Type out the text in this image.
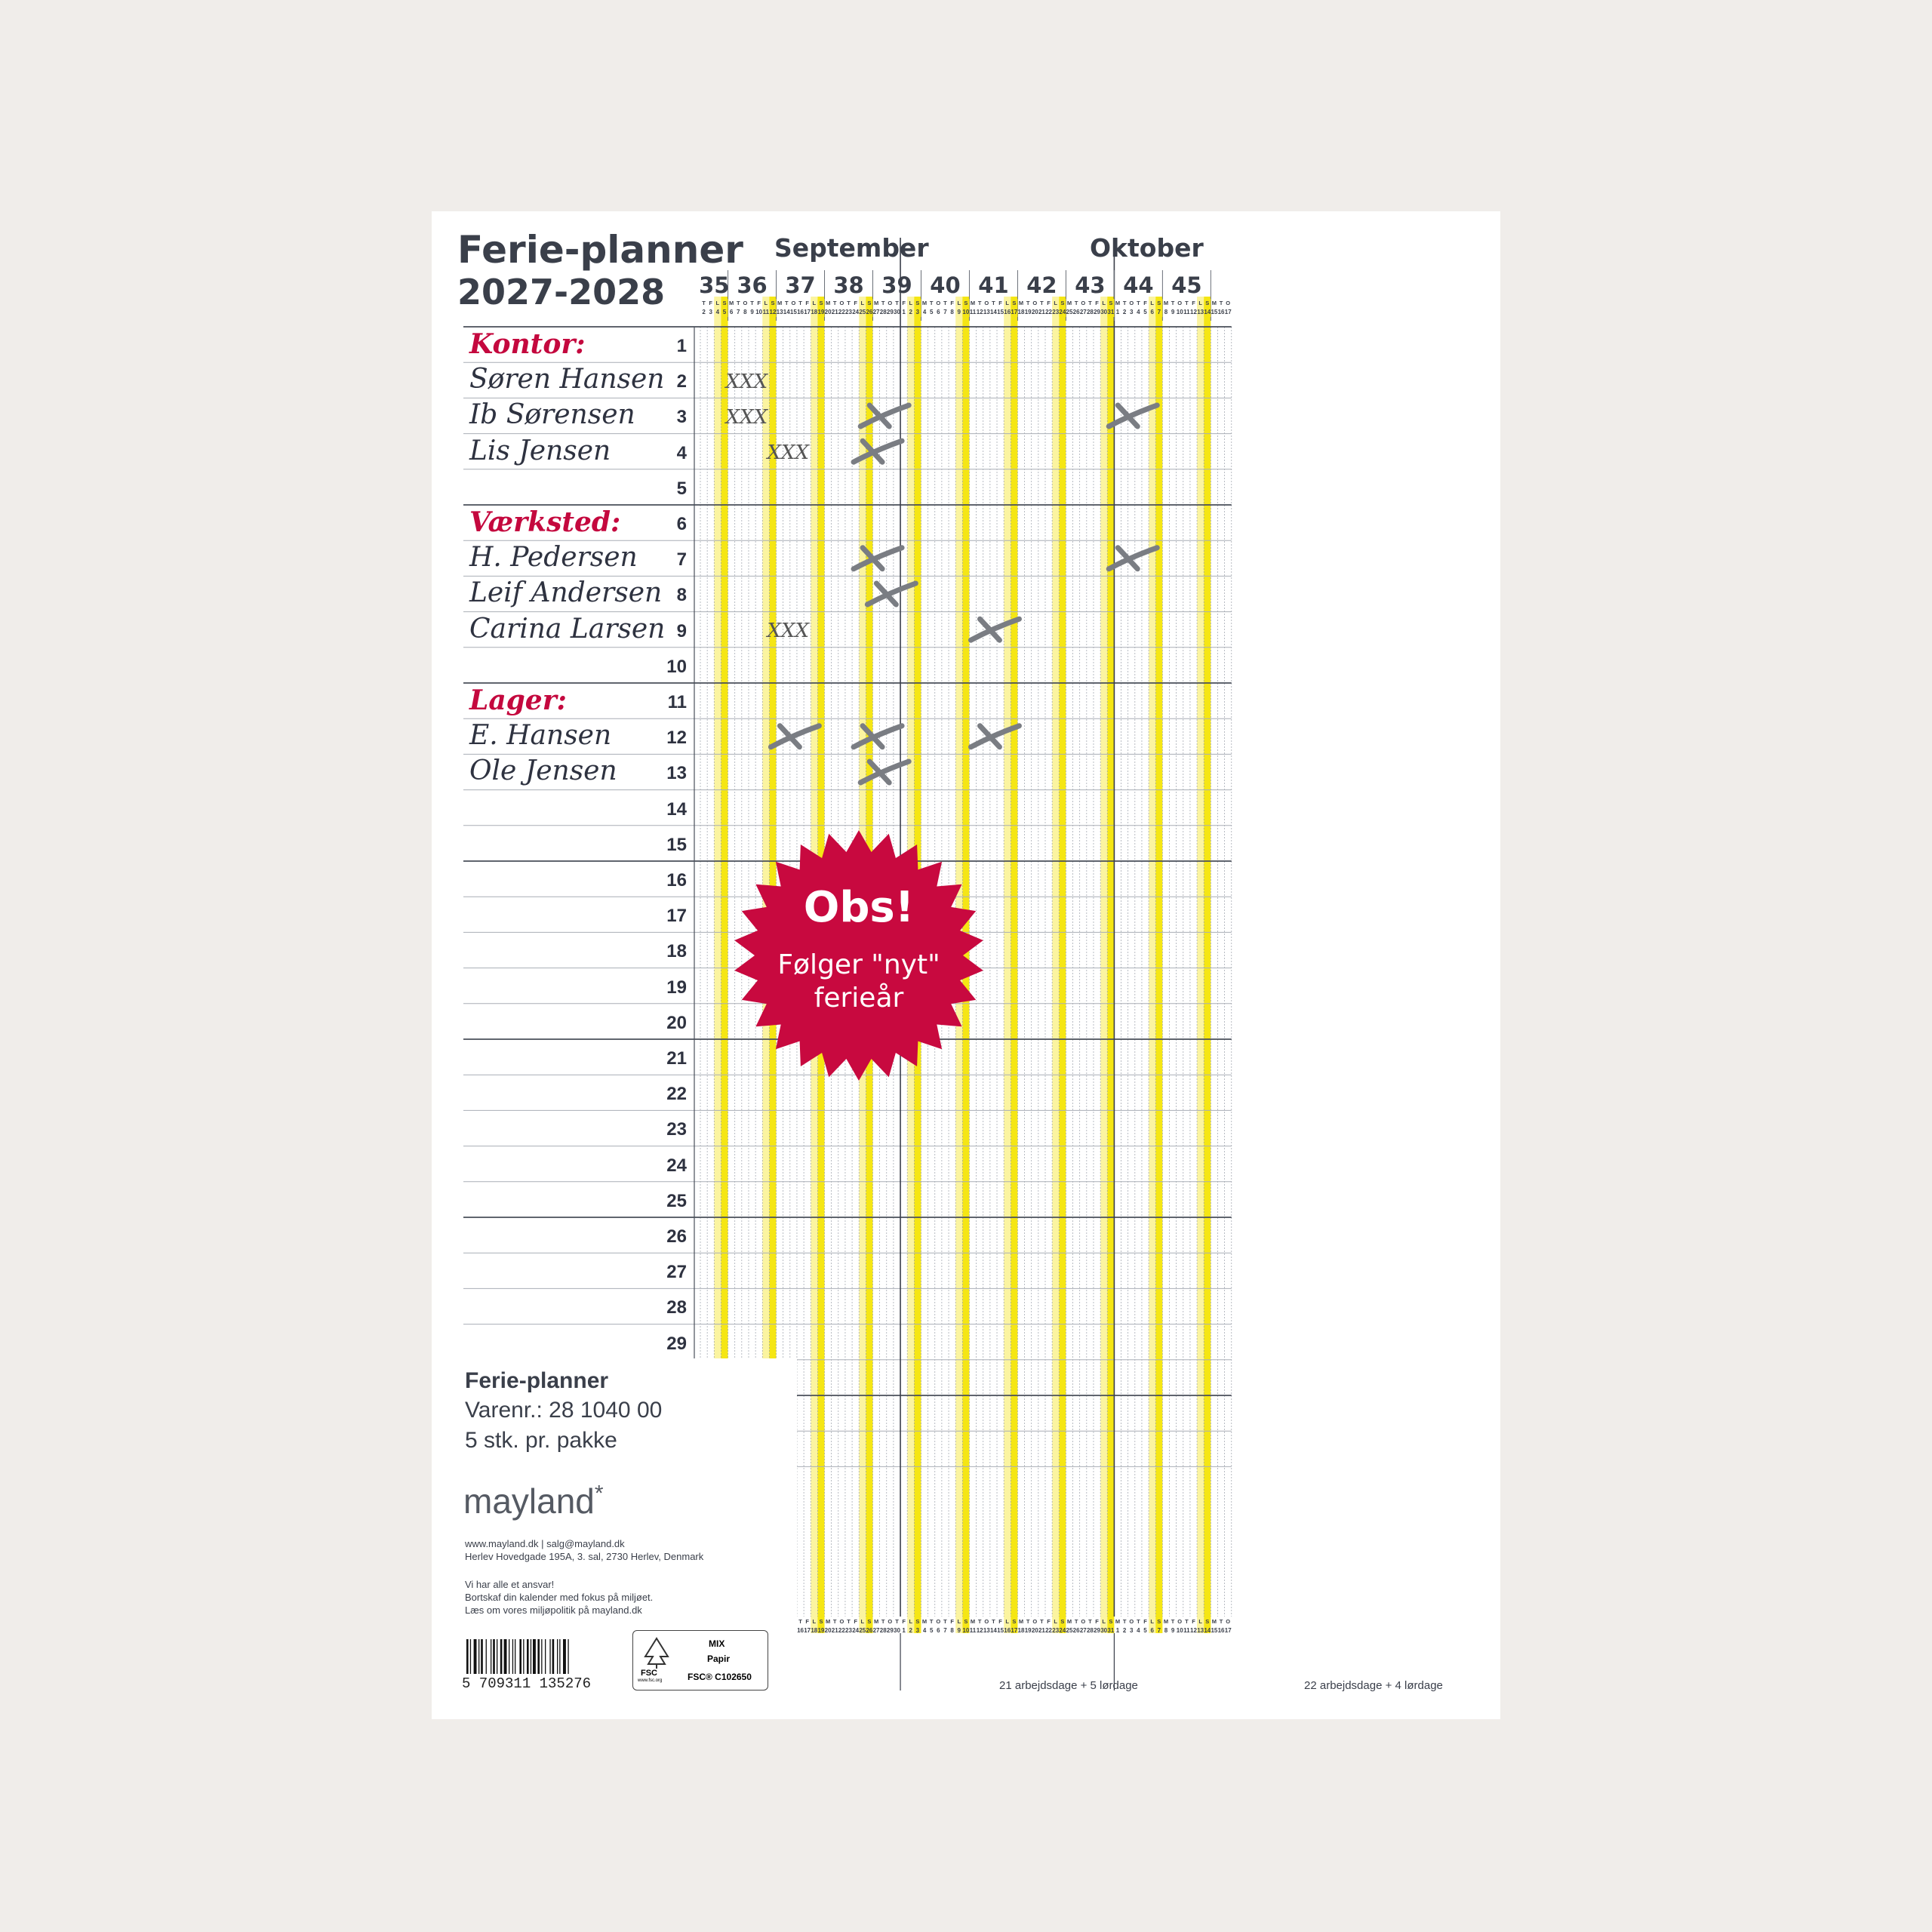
Ferie-planner
2027-2028
September	Oktober
35 36 37 38 39 40 41 42 43 44 45
T
2
F
3
L
4
S
5
M
6
T
7
O
8
T
9
F
10
L
11
S
12
M
13
T
14
O
15
T
16
T
16
F
17
F
17
L
18
L
18
S
19
S
19
M
20
M
20
T
21
T
21
O
22
O
22
T
23
T
23
F
24
F
24
L
25
L
25
S
26
S
26
M
27
M
27
T
28
T
28
O
29
O
29
T
30
T
30
F
1
F
1
L
2
L
2
S
3
S
3
M
4
M
4
T
5
T
5
O
6
O
6
T
7
T
7
F
8
F
8
L
9
L
9
S
10
S
10
M
11
M
11
T
12
T
12
O
13
O
13
T
14
T
14
F
15
F
15
L
16
L
16
S
17
S
17
M
18
M
18
T
19
T
19
O
20
O
20
T
21
T
21
F
22
F
22
L
23
L
23
S
24
S
24
M
25
M
25
T
26
T
26
O
27
O
27
T
28
T
28
F
29
F
29
L
30
L
30
S
31
S
31
M
1
M
1
T
2
T
2
O
3
O
3
T
4
T
4
F
5
F
5
L
6
L
6
S
7
S
7
M
8
M
8
T
9
T
9
O
10
O
10
T
11
T
11
F
12
F
12
L
13
L
13
S
14
S
14
M
15
M
15
T
16
T
16
O
17
O
17
XXX
XXX
XXX
XXX
1
Kontor:
2
Søren Hansen
3
Ib Sørensen
4
Lis Jensen
5
6
Værksted:
7
H. Pedersen
8
Leif Andersen
9
Carina Larsen
10
11
Lager:
12
E. Hansen
13
Ole Jensen
14
15
16
17
18
19
20
21
22
23
24
25
26
27
28
29
Obs!
Følger "nyt"
ferieår
Ferie-planner
Varenr.: 28 1040 00
5 stk. pr. pakke
mayland*
www.mayland.dk | salg@mayland.dk
Herlev Hovedgade 195A, 3. sal, 2730 Herlev, Denmark
Vi har alle et ansvar!
Bortskaf din kalender med fokus på miljøet.
Læs om vores miljøpolitik på mayland.dk
5 709311 135276
FSC
www.fsc.org
MIX
Papir
FSC® C102650
21 arbejdsdage + 5 lørdage	22 arbejdsdage + 4 lørdage
